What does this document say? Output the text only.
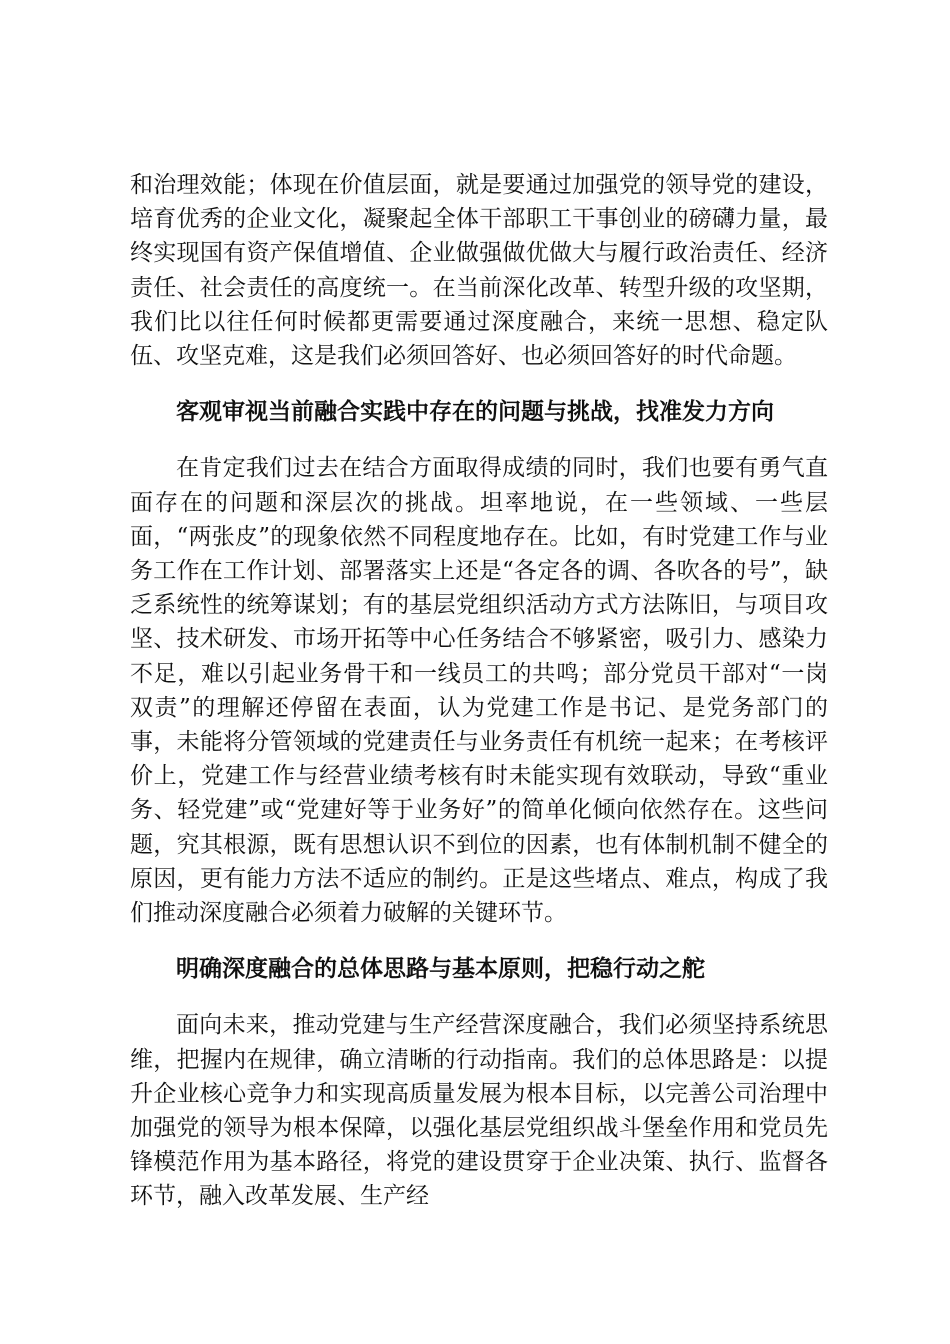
和治理效能；体现在价值层面，就是要通过加强党的领导党的建设，培育优秀的企业文化，凝聚起全体干部职工干事创业的磅礴力量，最终实现国有资产保值增值、企业做强做优做大与履行政治责任、经济责任、社会责任的高度统一。在当前深化改革、转型升级的攻坚期，我们比以往任何时候都更需要通过深度融合，来统一思想、稳定队伍、攻坚克难，这是我们必须回答好、也必须回答好的时代命题。

客观审视当前融合实践中存在的问题与挑战，找准发力方向

在肯定我们过去在结合方面取得成绩的同时，我们也要有勇气直面存在的问题和深层次的挑战。坦率地说，在一些领域、一些层面，“两张皮”的现象依然不同程度地存在。比如，有时党建工作与业务工作在工作计划、部署落实上还是“各定各的调、各吹各的号”，缺乏系统性的统筹谋划；有的基层党组织活动方式方法陈旧，与项目攻坚、技术研发、市场开拓等中心任务结合不够紧密，吸引力、感染力不足，难以引起业务骨干和一线员工的共鸣；部分党员干部对“一岗双责”的理解还停留在表面，认为党建工作是书记、是党务部门的事，未能将分管领域的党建责任与业务责任有机统一起来；在考核评价上，党建工作与经营业绩考核有时未能实现有效联动，导致“重业务、轻党建”或“党建好等于业务好”的简单化倾向依然存在。这些问题，究其根源，既有思想认识不到位的因素，也有体制机制不健全的原因，更有能力方法不适应的制约。正是这些堵点、难点，构成了我们推动深度融合必须着力破解的关键环节。

明确深度融合的总体思路与基本原则，把稳行动之舵

面向未来，推动党建与生产经营深度融合，我们必须坚持系统思维，把握内在规律，确立清晰的行动指南。我们的总体思路是：以提升企业核心竞争力和实现高质量发展为根本目标，以完善公司治理中加强党的领导为根本保障，以强化基层党组织战斗堡垒作用和党员先锋模范作用为基本路径，将党的建设贯穿于企业决策、执行、监督各环节，融入改革发展、生产经
